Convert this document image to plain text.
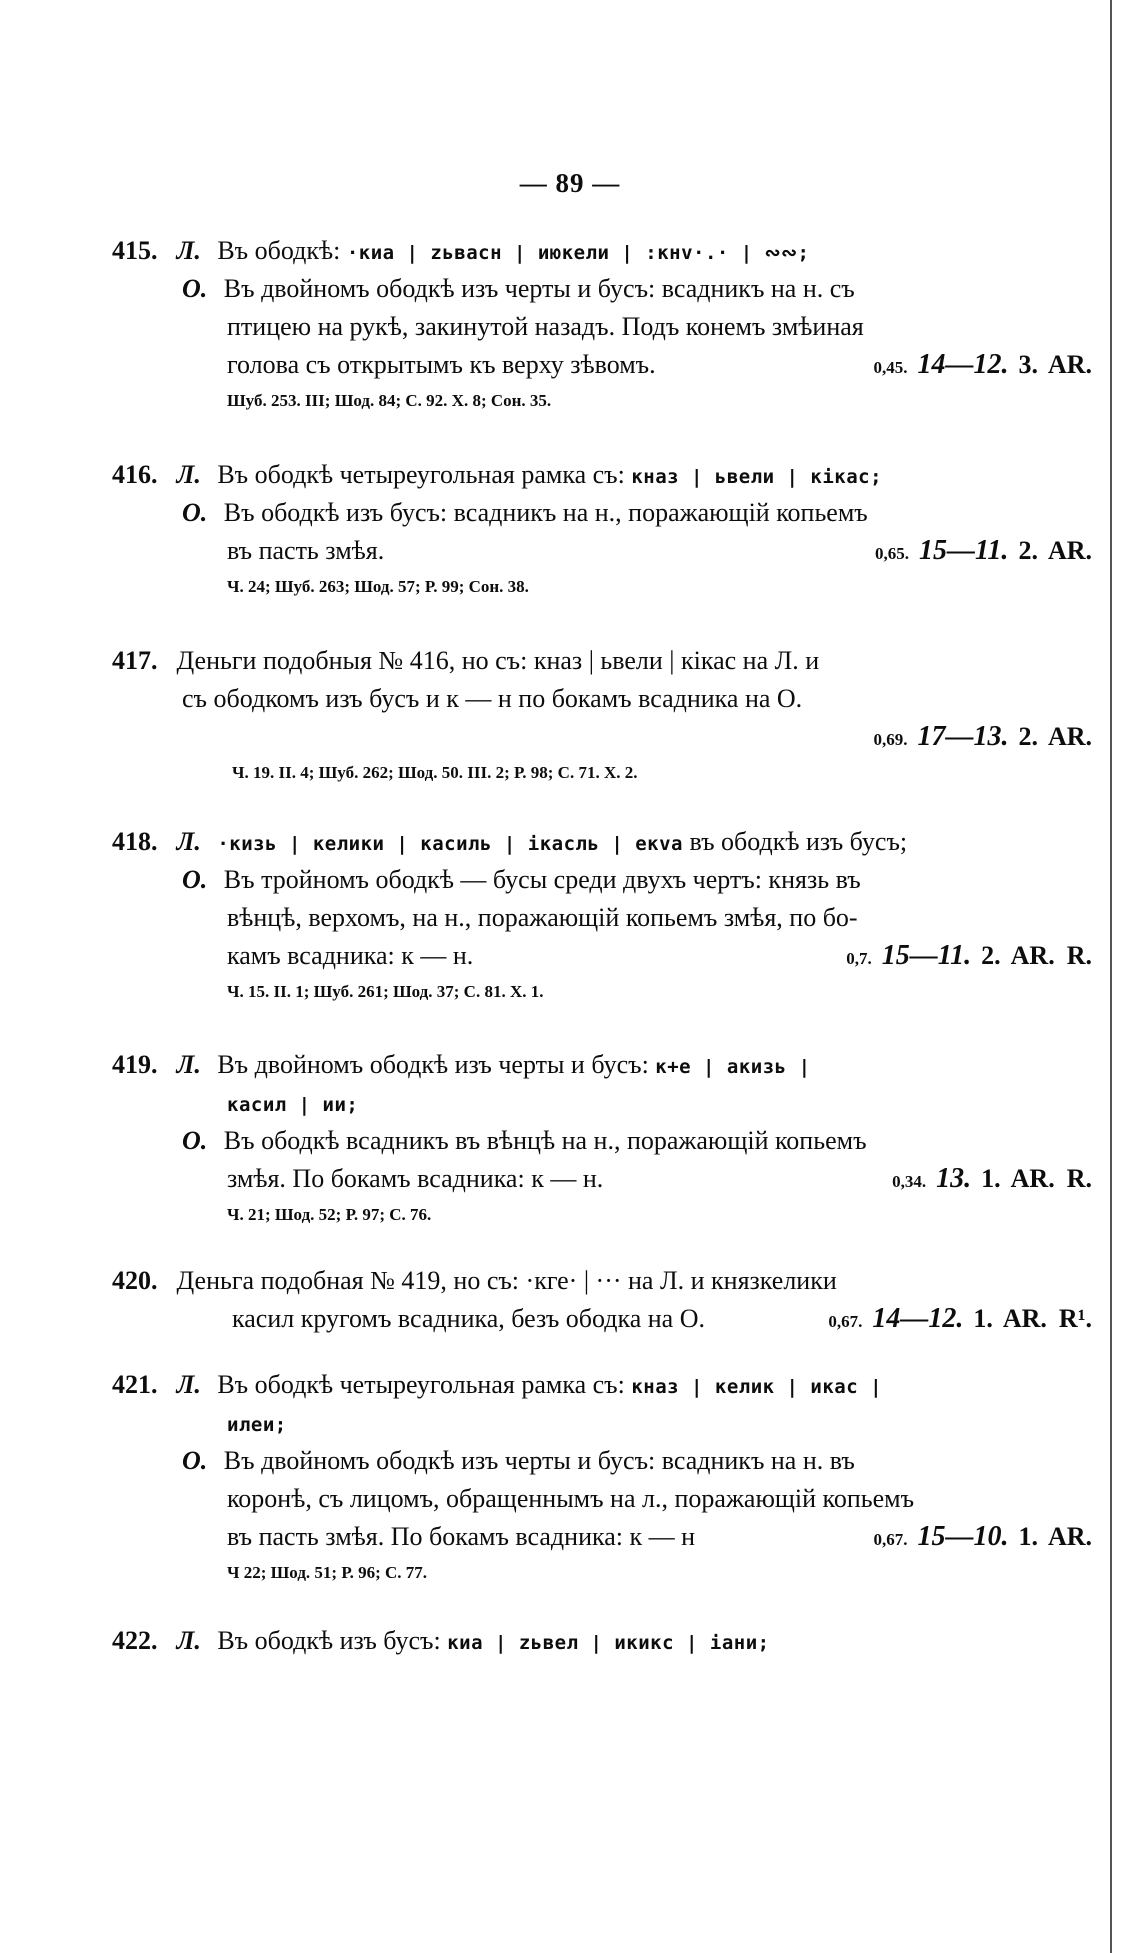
— 89 —
415. Л. Въ ободкѣ: ·киа | zьвасн | июкели | :кнv·.· | ∾∾;
О. Въ двойномъ ободкѣ изъ черты и бусъ: всадникъ на н. съ
птицею на рукѣ, закинутой назадъ. Подъ конемъ змѣиная
голова съ открытымъ къ верху зѣвомъ.	0,45. 14—12. 3. AR.
Шуб. 253. III; Шод. 84; С. 92. X. 8; Сон. 35.
416. Л. Въ ободкѣ четыреугольная рамка съ: кназ | ьвели | кікас;
О. Въ ободкѣ изъ бусъ: всадникъ на н., поражающій копьемъ
въ пасть змѣя.	0,65. 15—11. 2. AR.
Ч. 24; Шуб. 263; Шод. 57; Р. 99; Сон. 38.
417. Деньги подобныя № 416, но съ: кназ | ьвели | кікас на Л. и
съ ободкомъ изъ бусъ и к — н по бокамъ всадника на О.
0,69. 17—13. 2. AR.
Ч. 19. II. 4; Шуб. 262; Шод. 50. III. 2; Р. 98; С. 71. X. 2.
418. Л. ·кизь | келики | касиль | ікасль | екvа въ ободкѣ изъ бусъ;
О. Въ тройномъ ободкѣ — бусы среди двухъ чертъ: князь въ
вѣнцѣ, верхомъ, на н., поражающій копьемъ змѣя, по бо-
камъ всадника: к — н.	0,7. 15—11. 2. AR. R.
Ч. 15. II. 1; Шуб. 261; Шод. 37; С. 81. X. 1.
419. Л. Въ двойномъ ободкѣ изъ черты и бусъ: к+е | акизь |
касил | ии;
О. Въ ободкѣ всадникъ въ вѣнцѣ на н., поражающій копьемъ
змѣя. По бокамъ всадника: к — н.	0,34. 13. 1. AR. R.
Ч. 21; Шод. 52; Р. 97; С. 76.
420. Деньга подобная № 419, но съ: ·кге· | ··· на Л. и князкелики
касил кругомъ всадника, безъ ободка на О.	0,67. 14—12. 1. AR. R¹.
421. Л. Въ ободкѣ четыреугольная рамка съ: кназ | келик | икас |
илеи;
О. Въ двойномъ ободкѣ изъ черты и бусъ: всадникъ на н. въ
коронѣ, съ лицомъ, обращеннымъ на л., поражающій копьемъ
въ пасть змѣя. По бокамъ всадника: к — н	0,67. 15—10. 1. AR.
Ч 22; Шод. 51; Р. 96; С. 77.
422. Л. Въ ободкѣ изъ бусъ: киа | zьвел | икикс | іани;
